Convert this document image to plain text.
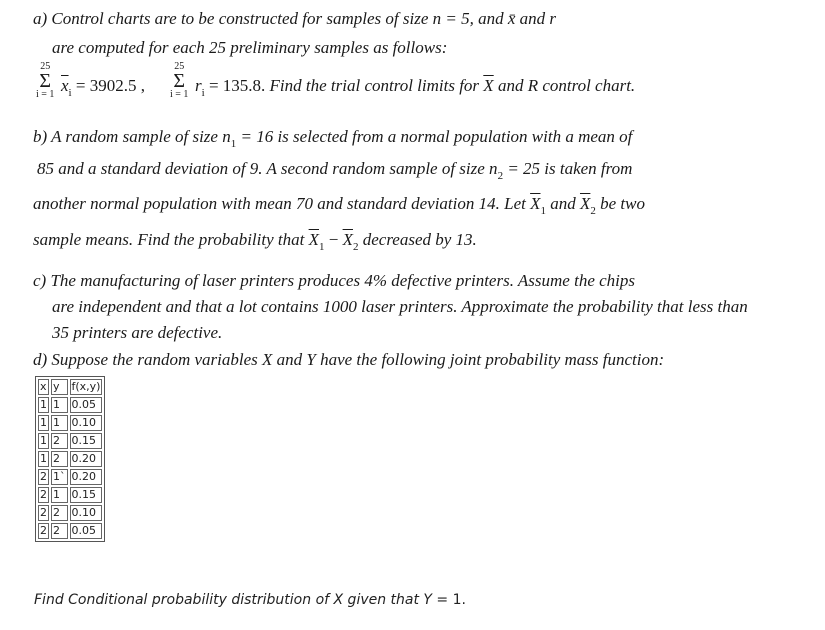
a) Control charts are to be constructed for samples of size n = 5, and x̄ and r
are computed for each 25 preliminary samples as follows:
25
Σ
i = 1 $\overline{x}_i = 3902.5$ ,
25
Σ
i = 1 $r_i = 135.8$. Find the trial control limits for $\overline{X}$ and R control chart.
b) A random sample of size $n_1 = 16$ is selected from a normal population with a mean of
85 and a standard deviation of 9. A second random sample of size $n_2 = 25$ is taken from
another normal population with mean 70 and standard deviation 14. Let $\overline{X}_1$ and $\overline{X}_2$ be two
sample means. Find the probability that $\overline{X}_1 - \overline{X}_2$ decreased by 13.
c) The manufacturing of laser printers produces 4% defective printers. Assume the chips
are independent and that a lot contains 1000 laser printers. Approximate the probability that less than
35 printers are defective.
d) Suppose the random variables X and Y have the following joint probability mass function:
x	y	f(x,y)
1	1	0.05
1	1	0.10
1	2	0.15
1	2	0.20
2	1`	0.20
2	1	0.15
2	2	0.10
2	2	0.05
Find Conditional probability distribution of X given that Y = 1.
